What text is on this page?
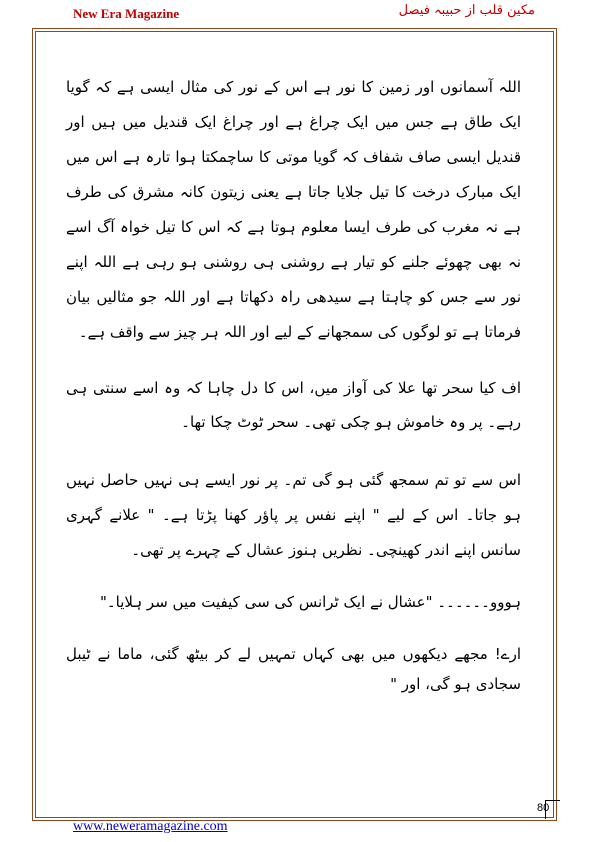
New Era Magazine	مکین قلب از حبیبہ فیصل

اللہ آسمانوں اور زمین کا نور ہے اس کے نور کی مثال ایسی ہے کہ گویا ایک طاق ہے جس میں ایک چراغ ہے اور چراغ ایک قندیل میں ہیں اور قندیل ایسی صاف شفاف کہ گویا موتی کا ساچمکتا ہوا تارہ ہے اس میں ایک مبارک درخت کا تیل جلایا جاتا ہے یعنی زیتون کانہ مشرق کی طرف ہے نہ مغرب کی طرف ایسا معلوم ہوتا ہے کہ اس کا تیل خواہ آگ اسے نہ بھی چھوئے جلنے کو تیار ہے روشنی ہی روشنی ہو رہی ہے اللہ اپنے نور سے جس کو چاہتا ہے سیدھی راہ دکھاتا ہے اور اللہ جو مثالیں بیان فرماتا ہے تو لوگوں کی سمجھانے کے لیے اور اللہ ہر چیز سے واقف ہے۔

اف کیا سحر تھا علا کی آواز میں، اس کا دل چاہا کہ وہ اسے سنتی ہی رہے۔ پر وہ خاموش ہو چکی تھی۔ سحر ٹوٹ چکا تھا۔

اس سے تو تم سمجھ گئی ہو گی تم۔ پر نور ایسے ہی نہیں حاصل نہیں ہو جاتا۔ اس کے لیے " اپنے نفس پر پاؤر کھنا پڑتا ہے۔ " علانے گہری سانس اپنے اندر کھینچی۔ نظریں ہنوز عشال کے چہرے پر تھی۔

ہووو۔۔۔۔۔۔ "عشال نے ایک ٹرانس کی سی کیفیت میں سر ہلایا۔"

ارے! مجھے دیکھوں میں بھی کہاں تمہیں لے کر بیٹھ گئی، ماما نے ٹیبل سجادی ہو گی، اور "

80
www.neweramagazine.com
